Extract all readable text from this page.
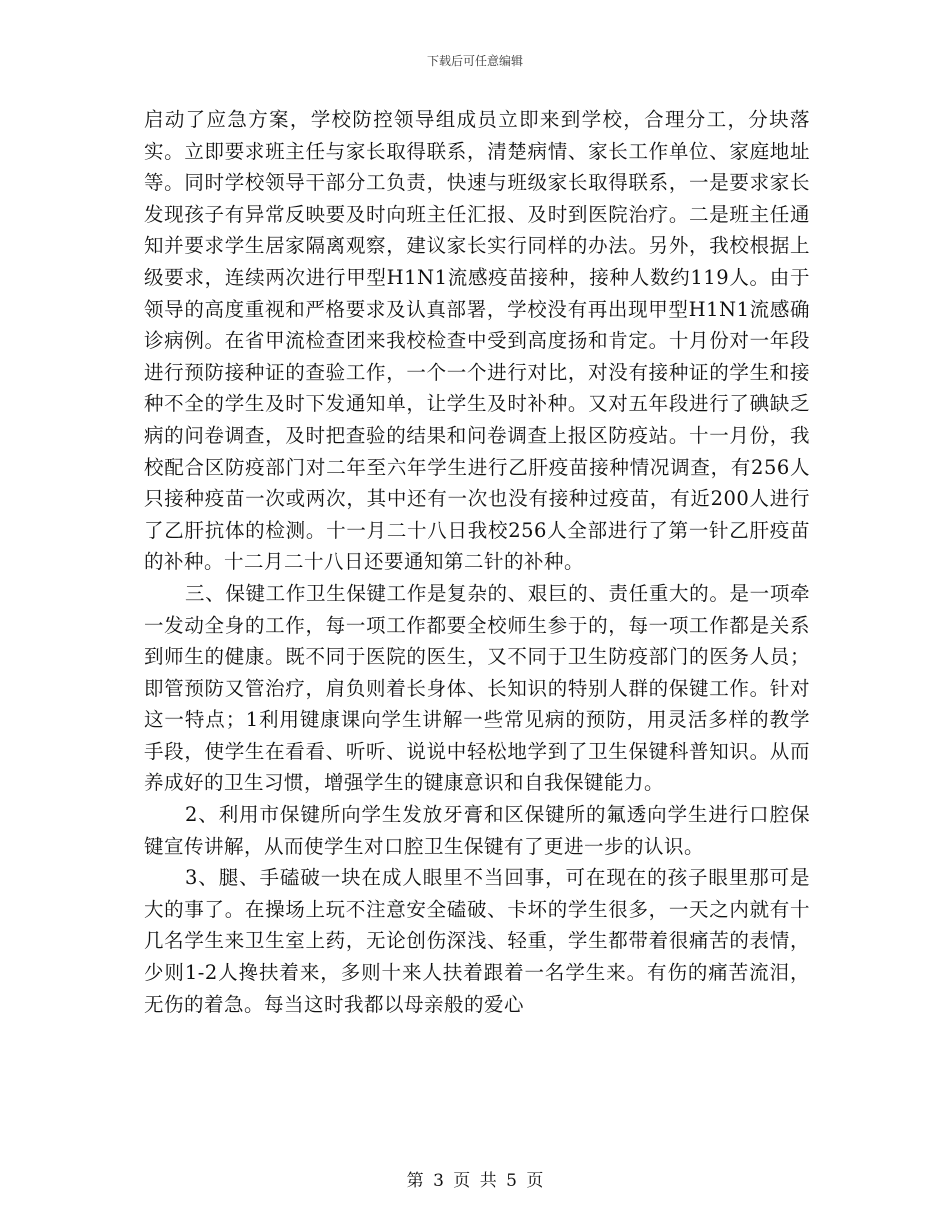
下载后可任意编辑

启动了应急方案，学校防控领导组成员立即来到学校，合理分工，分块落实。立即要求班主任与家长取得联系，清楚病情、家长工作单位、家庭地址等。同时学校领导干部分工负责，快速与班级家长取得联系，一是要求家长发现孩子有异常反映要及时向班主任汇报、及时到医院治疗。二是班主任通知并要求学生居家隔离观察，建议家长实行同样的办法。另外，我校根据上级要求，连续两次进行甲型H1N1流感疫苗接种，接种人数约119人。由于领导的高度重视和严格要求及认真部署，学校没有再出现甲型H1N1流感确诊病例。在省甲流检查团来我校检查中受到高度扬和肯定。十月份对一年段进行预防接种证的查验工作，一个一个进行对比，对没有接种证的学生和接种不全的学生及时下发通知单，让学生及时补种。又对五年段进行了碘缺乏病的问卷调查，及时把查验的结果和问卷调查上报区防疫站。十一月份，我校配合区防疫部门对二年至六年学生进行乙肝疫苗接种情况调查，有256人只接种疫苗一次或两次，其中还有一次也没有接种过疫苗，有近200人进行了乙肝抗体的检测。十一月二十八日我校256人全部进行了第一针乙肝疫苗的补种。十二月二十八日还要通知第二针的补种。

三、保键工作卫生保键工作是复杂的、艰巨的、责任重大的。是一项牵一发动全身的工作，每一项工作都要全校师生参于的，每一项工作都是关系到师生的健康。既不同于医院的医生，又不同于卫生防疫部门的医务人员；即管预防又管治疗，肩负则着长身体、长知识的特别人群的保键工作。针对这一特点；1利用键康课向学生讲解一些常见病的预防，用灵活多样的教学手段，使学生在看看、听听、说说中轻松地学到了卫生保键科普知识。从而养成好的卫生习惯，增强学生的键康意识和自我保键能力。

2、利用市保键所向学生发放牙膏和区保键所的氟透向学生进行口腔保键宣传讲解，从而使学生对口腔卫生保键有了更进一步的认识。

3、腿、手磕破一块在成人眼里不当回事，可在现在的孩子眼里那可是大的事了。在操场上玩不注意安全磕破、卡坏的学生很多，一天之内就有十几名学生来卫生室上药，无论创伤深浅、轻重，学生都带着很痛苦的表情，少则1-2人搀扶着来，多则十来人扶着跟着一名学生来。有伤的痛苦流泪，无伤的着急。每当这时我都以母亲般的爱心

第 3 页 共 5 页
